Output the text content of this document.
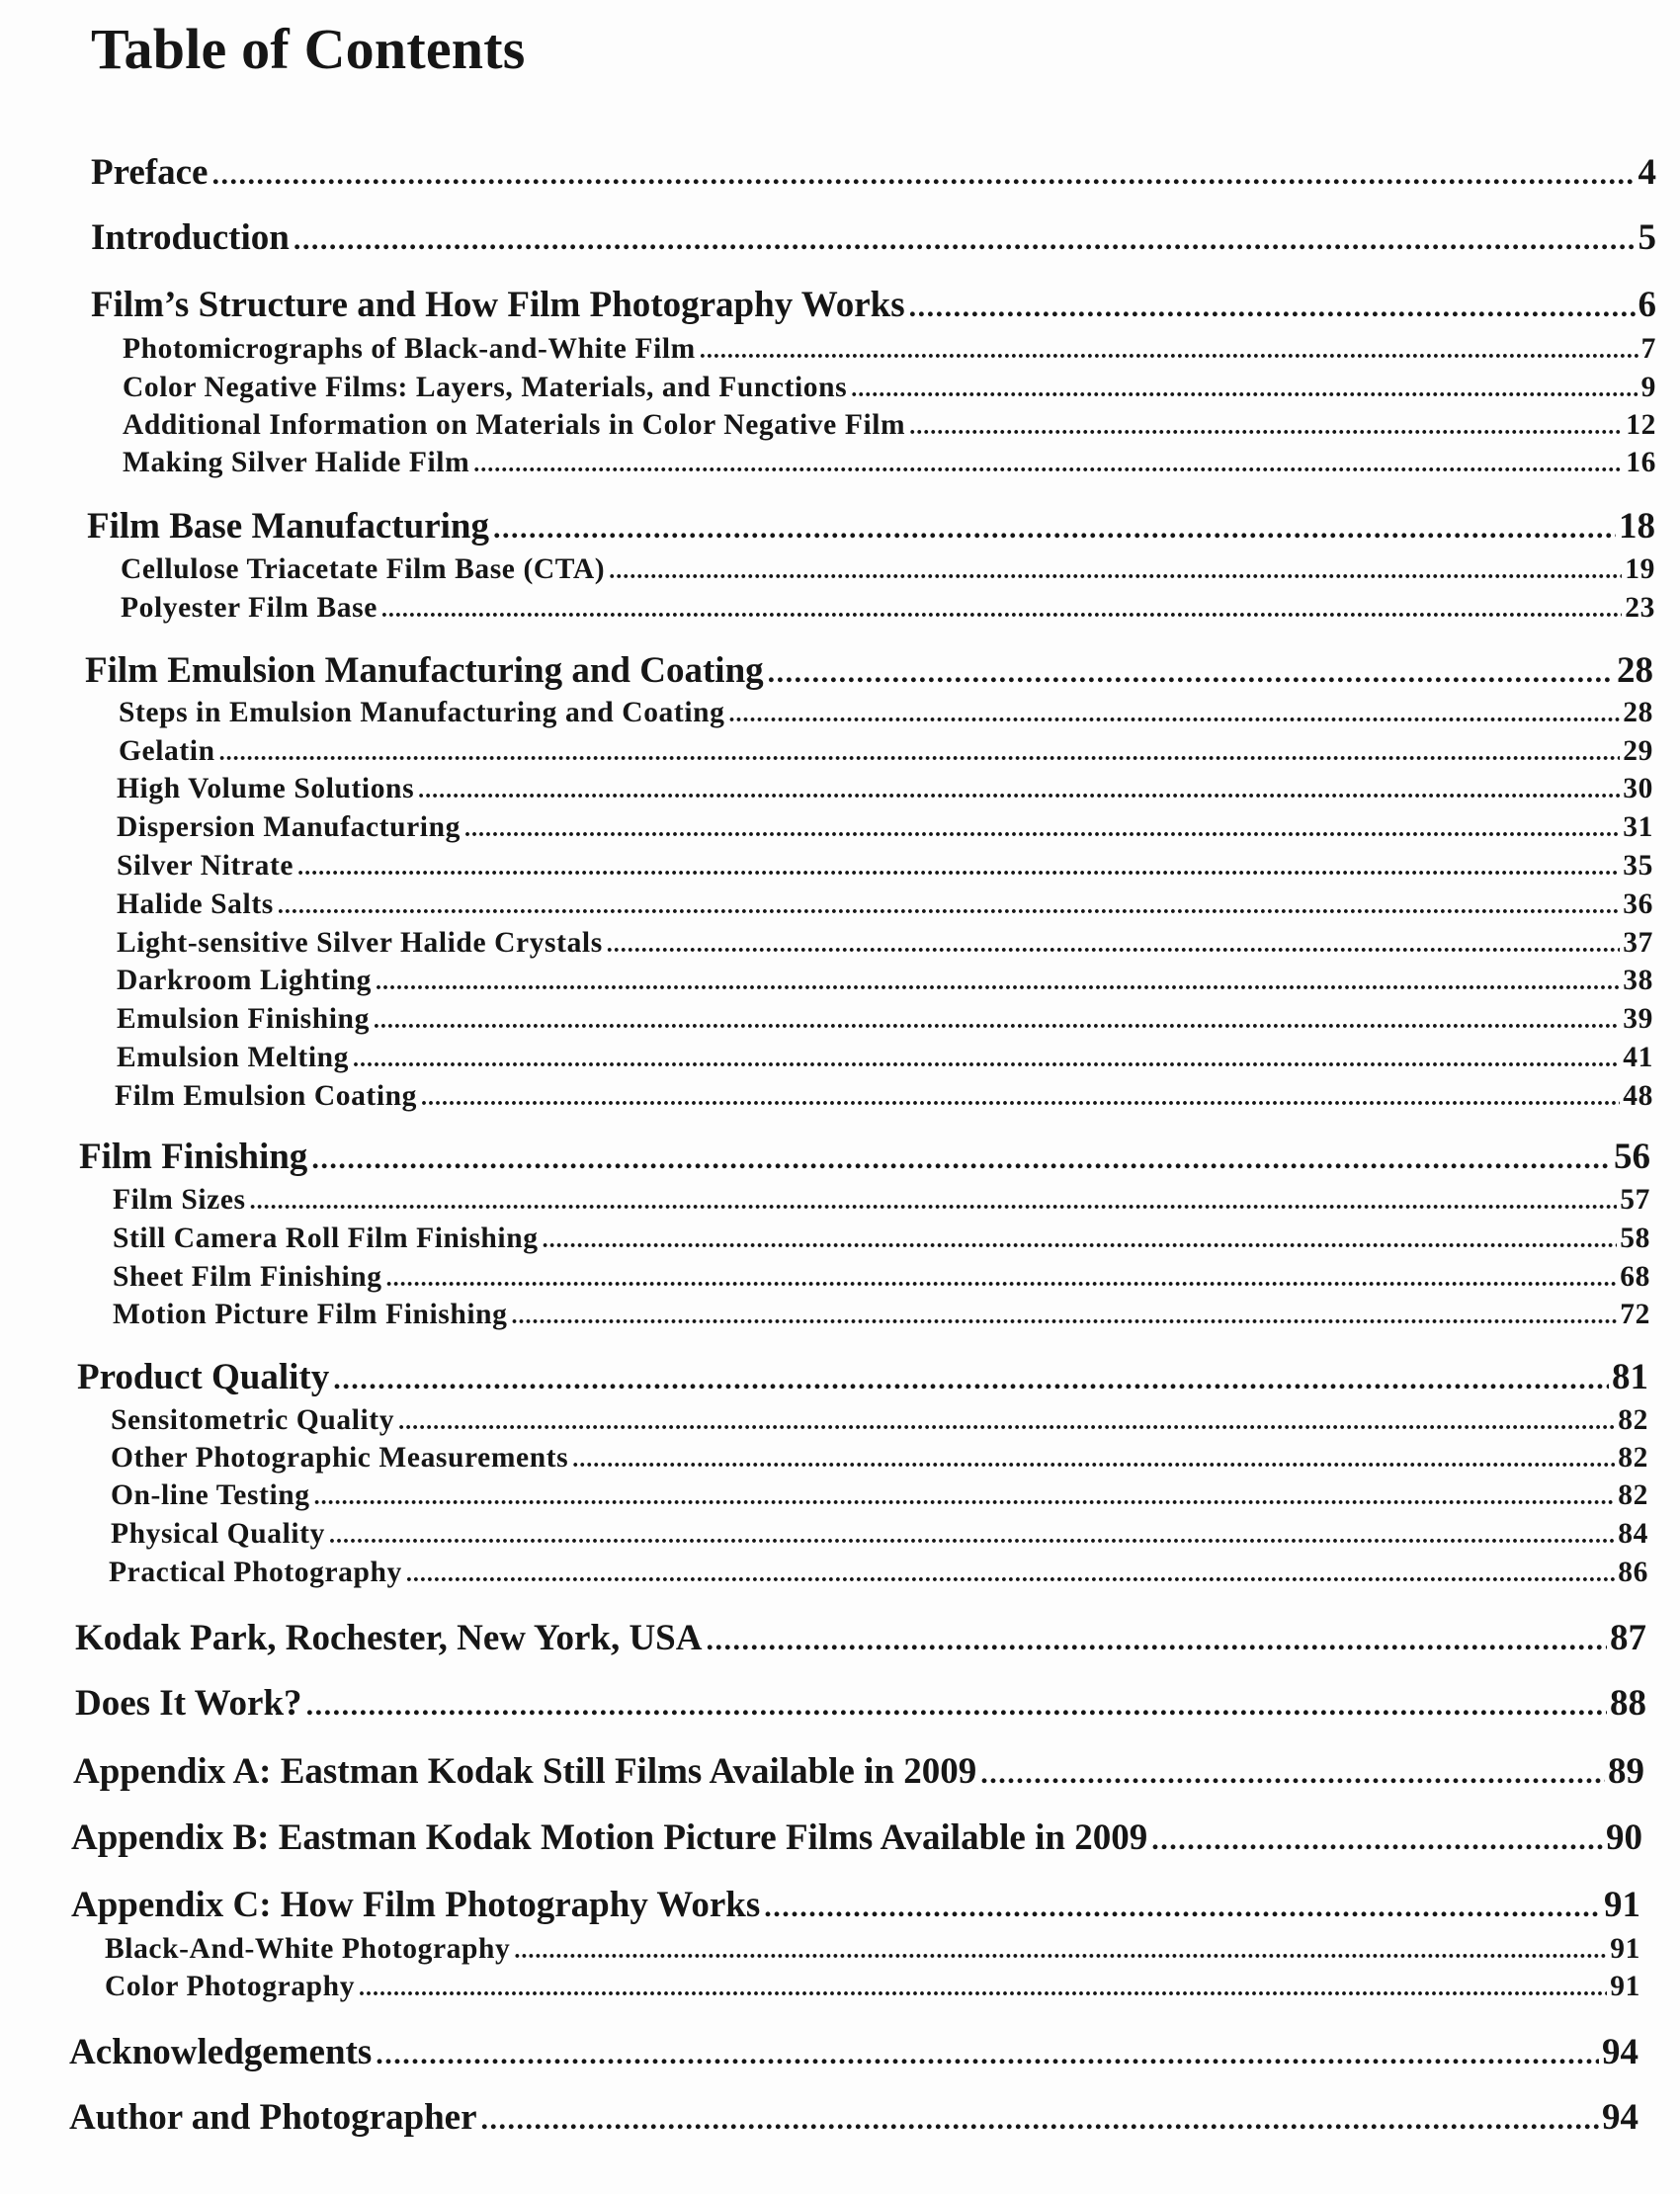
Table of Contents
Preface .....	4
Introduction .....	5
Film’s Structure and How Film Photography Works .....	6
Photomicrographs of Black-and-White Film .....	7
Color Negative Films: Layers, Materials, and Functions .....	9
Additional Information on Materials in Color Negative Film .....	12
Making Silver Halide Film .....	16
Film Base Manufacturing .....	18
Cellulose Triacetate Film Base (CTA) .....	19
Polyester Film Base .....	23
Film Emulsion Manufacturing and Coating .....	28
Steps in Emulsion Manufacturing and Coating .....	28
Gelatin .....	29
High Volume Solutions .....	30
Dispersion Manufacturing .....	31
Silver Nitrate .....	35
Halide Salts .....	36
Light-sensitive Silver Halide Crystals .....	37
Darkroom Lighting .....	38
Emulsion Finishing .....	39
Emulsion Melting .....	41
Film Emulsion Coating .....	48
Film Finishing .....	56
Film Sizes .....	57
Still Camera Roll Film Finishing .....	58
Sheet Film Finishing .....	68
Motion Picture Film Finishing .....	72
Product Quality .....	81
Sensitometric Quality .....	82
Other Photographic Measurements .....	82
On-line Testing .....	82
Physical Quality .....	84
Practical Photography .....	86
Kodak Park, Rochester, New York, USA .....	87
Does It Work? .....	88
Appendix A: Eastman Kodak Still Films Available in 2009 .....	89
Appendix B: Eastman Kodak Motion Picture Films Available in 2009 .....	90
Appendix C: How Film Photography Works .....	91
Black-And-White Photography .....	91
Color Photography .....	91
Acknowledgements .....	94
Author and Photographer .....	94
